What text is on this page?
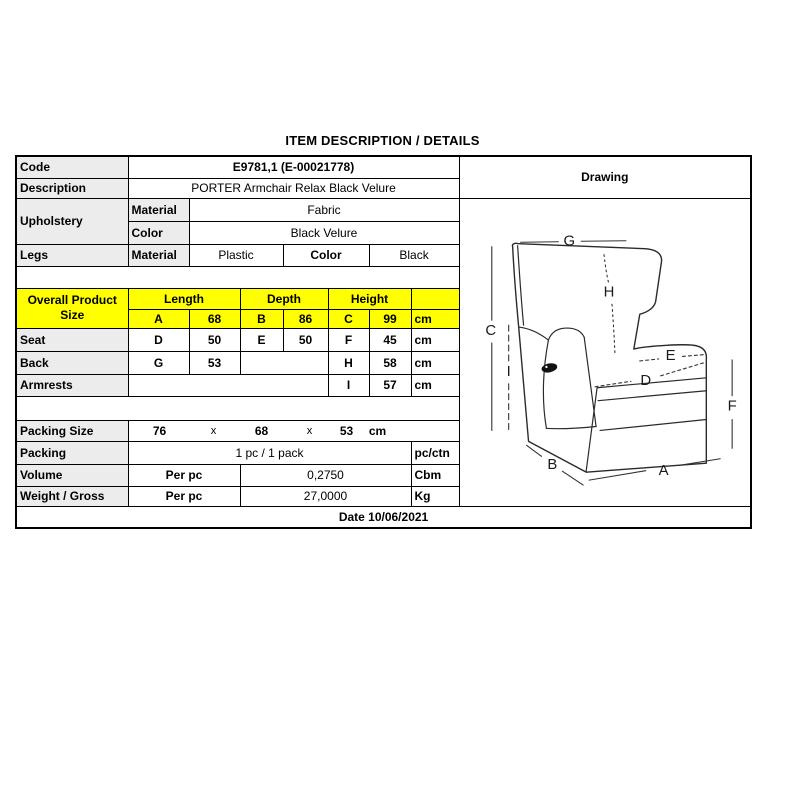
ITEM DESCRIPTION / DETAILS
Code	E9781,1 (E-00021778)							Drawing
Description	PORTER Armchair Relax Black Velure							
Upholstery	Material	Fabric	
G
H
C
I
E
D
F
A
B

	Color	Black Velure						
Legs	Material	Plastic		Color		Black		

Overall Product
Size	Length		Depth		Height			
	A	68	B	86	C	99	cm	
Seat	D	50	E	50	F	45	cm	
Back	G	53			H	58	cm	
Armrests					I	57	cm	

Packing Size	76	x	68	x 53 cm

Packing	1 pc / 1 pack						pc/ctn	
Volume	Per pc		0,2750				Cbm	
Weight / Gross	Per pc		27,0000				Kg	
Date 10/06/2021								
